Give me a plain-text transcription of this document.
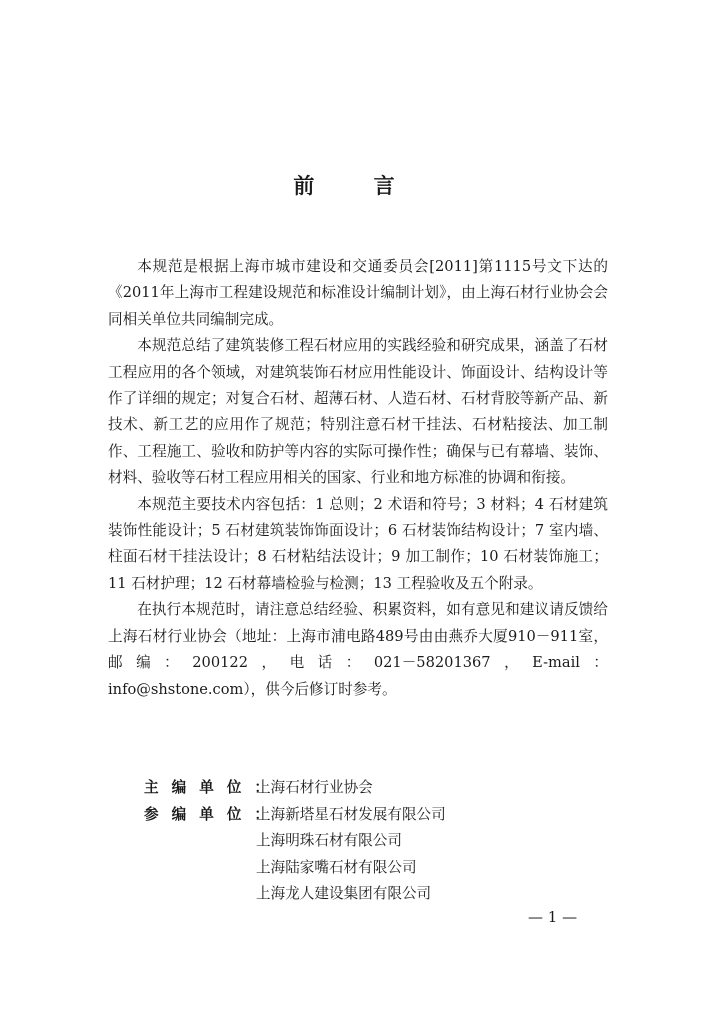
前 言

本规范是根据上海市城市建设和交通委员会[2011]第1115号文下达的《2011年上海市工程建设规范和标准设计编制计划》，由上海石材行业协会会同相关单位共同编制完成。

本规范总结了建筑装修工程石材应用的实践经验和研究成果，涵盖了石材工程应用的各个领域，对建筑装饰石材应用性能设计、饰面设计、结构设计等作了详细的规定；对复合石材、超薄石材、人造石材、石材背胶等新产品、新技术、新工艺的应用作了规范；特别注意石材干挂法、石材粘接法、加工制作、工程施工、验收和防护等内容的实际可操作性；确保与已有幕墙、装饰、材料、验收等石材工程应用相关的国家、行业和地方标准的协调和衔接。

本规范主要技术内容包括：1 总则；2 术语和符号；3 材料；4 石材建筑装饰性能设计；5 石材建筑装饰饰面设计；6 石材装饰结构设计；7 室内墙、柱面石材干挂法设计；8 石材粘结法设计；9 加工制作；10 石材装饰施工；11 石材护理；12 石材幕墙检验与检测；13 工程验收及五个附录。

在执行本规范时，请注意总结经验、积累资料，如有意见和建议请反馈给上海石材行业协会（地址：上海市浦电路489号由由燕乔大厦910－911室，邮编：200122，电话：021－58201367，E-mail：info@shstone.com），供今后修订时参考。

主编单位：
上海石材行业协会
参编单位：
上海新塔星石材发展有限公司
上海明珠石材有限公司
上海陆家嘴石材有限公司
上海龙人建设集团有限公司
— 1 —
